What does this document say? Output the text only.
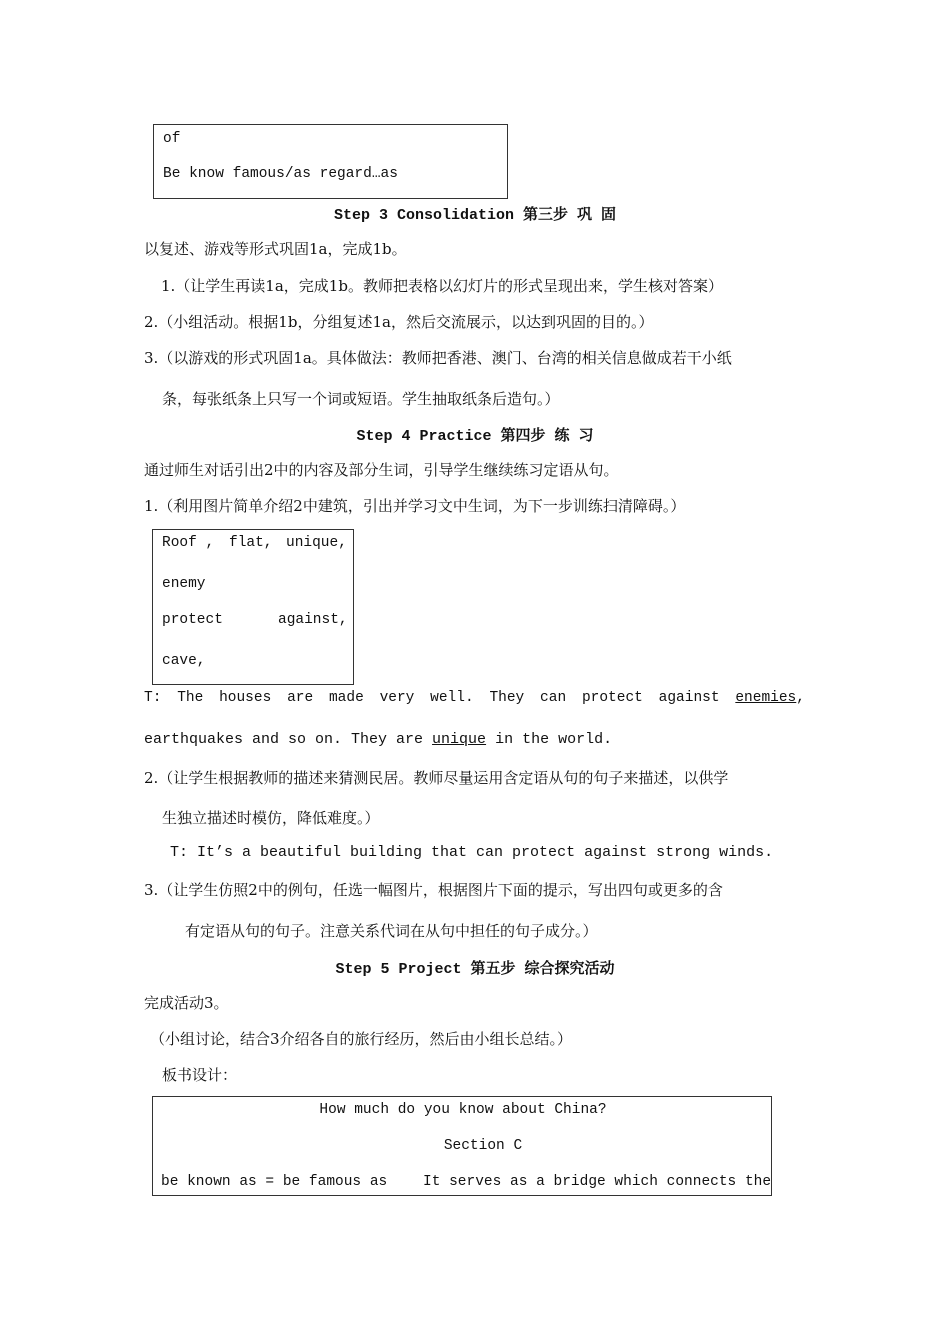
of
Be know famous/as regard…as
Step 3 Consolidation 第三步 巩 固
以复述、游戏等形式巩固1a，完成1b。
1.（让学生再读1a，完成1b。教师把表格以幻灯片的形式呈现出来，学生核对答案）
2.（小组活动。根据1b，分组复述1a，然后交流展示，以达到巩固的目的。）
3.（以游戏的形式巩固1a。具体做法：教师把香港、澳门、台湾的相关信息做成若干小纸
条，每张纸条上只写一个词或短语。学生抽取纸条后造句。）
Step 4 Practice 第四步 练 习
通过师生对话引出2中的内容及部分生词，引导学生继续练习定语从句。
1.（利用图片简单介绍2中建筑，引出并学习文中生词，为下一步训练扫清障碍。）
Roof , flat, unique,
enemy
protect	against,
cave,
T: The houses are made very well. They can protect against enemies,
earthquakes and so on. They are unique in the world.
2.（让学生根据教师的描述来猜测民居。教师尽量运用含定语从句的句子来描述，以供学
生独立描述时模仿，降低难度。）
T: It’s a beautiful building that can protect against strong winds.
3.（让学生仿照2中的例句，任选一幅图片，根据图片下面的提示，写出四句或更多的含
有定语从句的句子。注意关系代词在从句中担任的句子成分。）
Step 5 Project 第五步 综合探究活动
完成活动3。
（小组讨论，结合3介绍各自的旅行经历，然后由小组长总结。）
板书设计：
How much do you know about China?
Section C
be known as = be famous as It serves as a bridge which connects the
